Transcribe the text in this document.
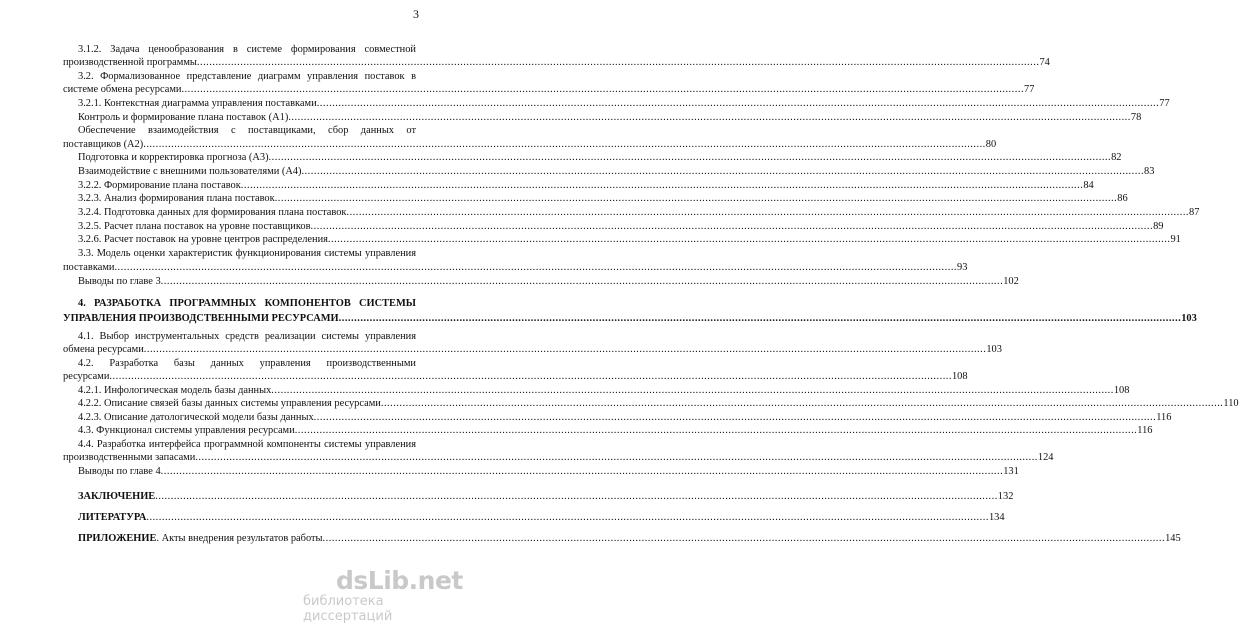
3
3.1.2. Задача ценообразования в системе формирования совместной
производственной программы .....	74
3.2. Формализованное представление диаграмм управления поставок в
системе обмена ресурсами .....	77
3.2.1. Контекстная диаграмма управления поставками .....	77
Контроль и формирование плана поставок (А1) .....	78
Обеспечение взаимодействия с поставщиками, сбор данных от
поставщиков (А2) .....	80
Подготовка и корректировка прогноза (А3) .....	82
Взаимодействие с внешними пользователями (А4) .....	83
3.2.2. Формирование плана поставок .....	84
3.2.3. Анализ формирования плана поставок .....	86
3.2.4. Подготовка данных для формирования плана поставок .....	87
3.2.5. Расчет плана поставок на уровне поставщиков .....	89
3.2.6. Расчет поставок на уровне центров распределения .....	91
3.3. Модель оценки характеристик функционирования системы управления
поставками .....	93
Выводы по главе 3 .....	102
4. РАЗРАБОТКА ПРОГРАММНЫХ КОМПОНЕНТОВ СИСТЕМЫ
УПРАВЛЕНИЯ ПРОИЗВОДСТВЕННЫМИ РЕСУРСАМИ .....	103
4.1. Выбор инструментальных средств реализации системы управления
обмена ресурсами .....	103
4.2. Разработка базы данных управления производственными
ресурсами .....	108
4.2.1. Инфологическая модель базы данных .....	108
4.2.2. Описание связей базы данных системы управления ресурсами .....	110
4.2.3. Описание датологической модели базы данных .....	116
4.3. Функционал системы управления ресурсами .....	116
4.4. Разработка интерфейса программной компоненты системы управления
производственными запасами .....	124
Выводы по главе 4 .....	131
ЗАКЛЮЧЕНИЕ .....	132
ЛИТЕРАТУРА .....	134
ПРИЛОЖЕНИЕ . Акты внедрения результатов работы .....	145
dsLib.net
библиотека диссертаций
